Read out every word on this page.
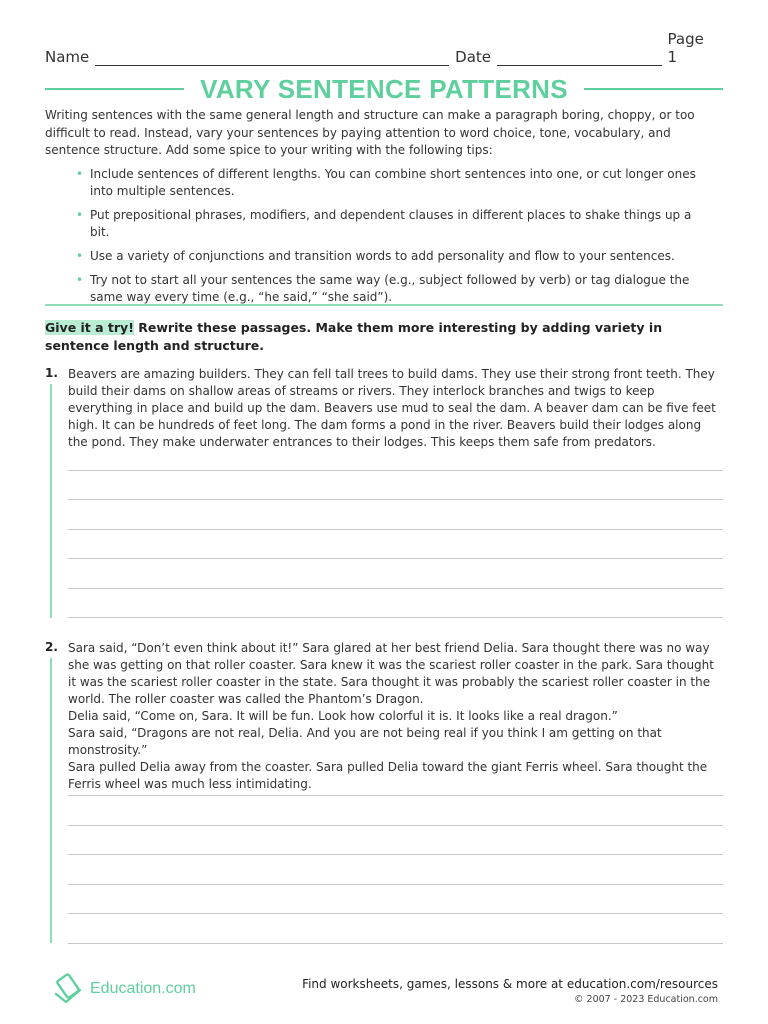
Name	Date
Page 1
VARY SENTENCE PATTERNS
Writing sentences with the same general length and structure can make a paragraph boring, choppy, or too difficult to read. Instead, vary your sentences by paying attention to word choice, tone, vocabulary, and sentence structure. Add some spice to your writing with the following tips:
• Include sentences of different lengths. You can combine short sentences into one, or cut longer ones into multiple sentences.
• Put prepositional phrases, modifiers, and dependent clauses in different places to shake things up a bit.
• Use a variety of conjunctions and transition words to add personality and flow to your sentences.
• Try not to start all your sentences the same way (e.g., subject followed by verb) or tag dialogue the same way every time (e.g., “he said,” “she said”).
Give it a try! Rewrite these passages. Make them more interesting by adding variety in sentence length and structure.
1. Beavers are amazing builders. They can fell tall trees to build dams. They use their strong front teeth. They build their dams on shallow areas of streams or rivers. They interlock branches and twigs to keep everything in place and build up the dam. Beavers use mud to seal the dam. A beaver dam can be five feet high. It can be hundreds of feet long. The dam forms a pond in the river. Beavers build their lodges along the pond. They make underwater entrances to their lodges. This keeps them safe from predators.

2. Sara said, “Don’t even think about it!” Sara glared at her best friend Delia. Sara thought there was no way she was getting on that roller coaster. Sara knew it was the scariest roller coaster in the park. Sara thought it was the scariest roller coaster in the state. Sara thought it was probably the scariest roller coaster in the world. The roller coaster was called the Phantom’s Dragon.

Delia said, “Come on, Sara. It will be fun. Look how colorful it is. It looks like a real dragon.”

Sara said, “Dragons are not real, Delia. And you are not being real if you think I am getting on that monstrosity.”

Sara pulled Delia away from the coaster. Sara pulled Delia toward the giant Ferris wheel. Sara thought the Ferris wheel was much less intimidating.

Education.com	Find worksheets, games, lessons & more at education.com/resources
© 2007 - 2023 Education.com
